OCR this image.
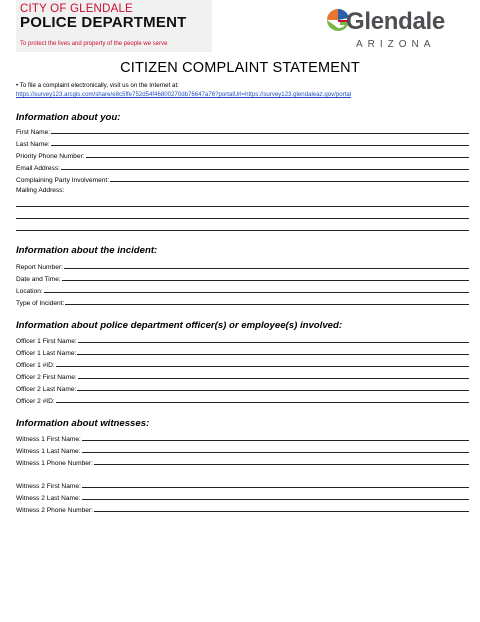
CITY OF GLENDALE
POLICE DEPARTMENT
To protect the lives and property of the people we serve
Glendale
ARIZONA
CITIZEN COMPLAINT STATEMENT
• To file a complaint electronically, visit us on the Internet at:
https://survey123.arcgis.com/share/e8c5ffe752d54f46800270db76647a76?portalUrl=https://survey123.glendaleaz.gov/portal
Information about you:
First Name:
Last Name:
Priority Phone Number:
Email Address:
Complaining Party Involvement:
Mailing Address:
Information about the incident:
Report Number:
Date and Time:
Location:
Type of Incident:
Information about police department officer(s) or employee(s) involved:
Officer 1 First Name:
Officer 1 Last Name:
Officer 1 #ID:
Officer 2 First Name:
Officer 2 Last Name:
Officer 2 #ID:
Information about witnesses:
Witness 1 First Name:
Witness 1 Last Name:
Witness 1 Phone Number:
Witness 2 First Name:
Witness 2 Last Name:
Witness 2 Phone Number:
